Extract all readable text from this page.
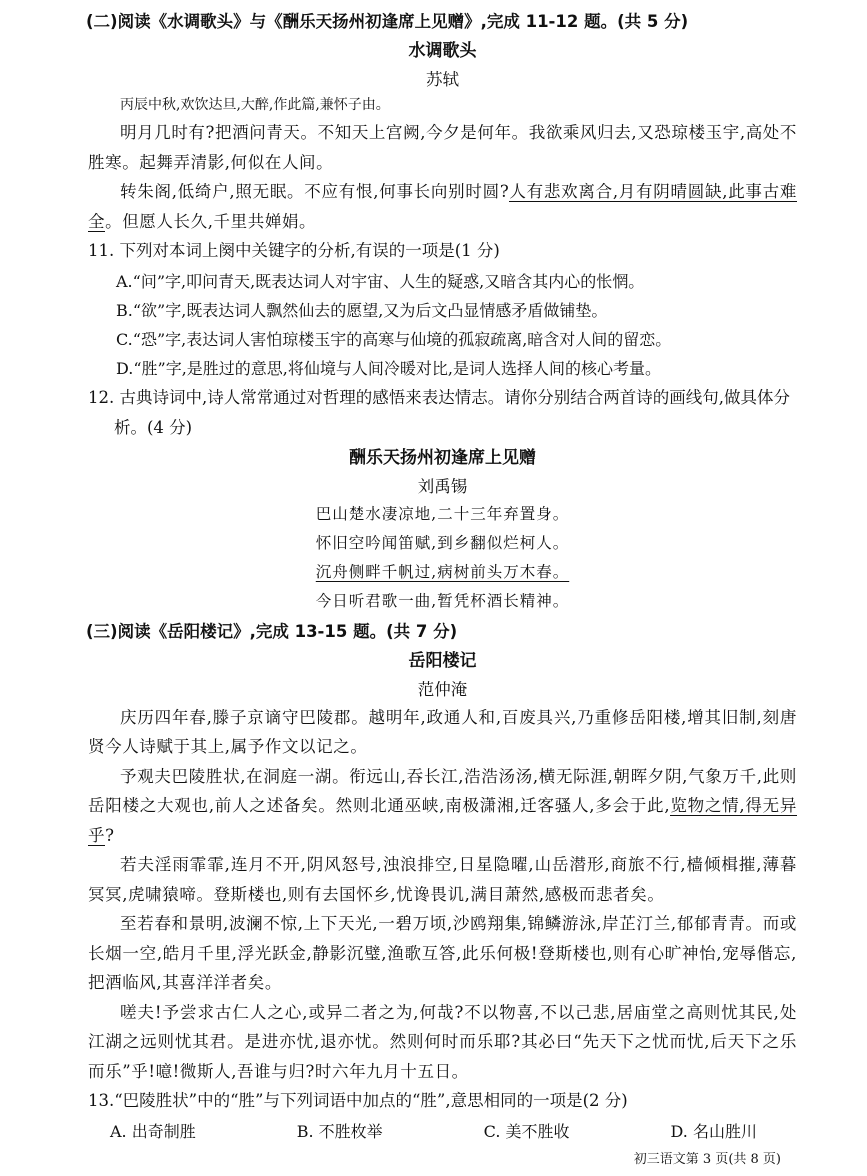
(二)阅读《水调歌头》与《酬乐天扬州初逢席上见赠》,完成 11-12 题。(共 5 分)

水调歌头

苏轼

丙辰中秋,欢饮达旦,大醉,作此篇,兼怀子由。

明月几时有?把酒问青天。不知天上宫阙,今夕是何年。我欲乘风归去,又恐琼楼玉宇,高处不胜寒。起舞弄清影,何似在人间。

转朱阁,低绮户,照无眠。不应有恨,何事长向别时圆?人有悲欢离合,月有阴晴圆缺,此事古难全。但愿人长久,千里共婵娟。

11. 下列对本词上阕中关键字的分析,有误的一项是(1 分)

A.“问”字,叩问青天,既表达词人对宇宙、人生的疑惑,又暗含其内心的怅惘。

B.“欲”字,既表达词人飘然仙去的愿望,又为后文凸显情感矛盾做铺垫。

C.“恐”字,表达词人害怕琼楼玉宇的高寒与仙境的孤寂疏离,暗含对人间的留恋。

D.“胜”字,是胜过的意思,将仙境与人间冷暖对比,是词人选择人间的核心考量。

12. 古典诗词中,诗人常常通过对哲理的感悟来表达情志。请你分别结合两首诗的画线句,做具体分析。(4 分)

酬乐天扬州初逢席上见赠

刘禹锡

巴山楚水凄凉地,二十三年弃置身。

怀旧空吟闻笛赋,到乡翻似烂柯人。

沉舟侧畔千帆过,病树前头万木春。

今日听君歌一曲,暂凭杯酒长精神。

(三)阅读《岳阳楼记》,完成 13-15 题。(共 7 分)

岳阳楼记

范仲淹

庆历四年春,滕子京谪守巴陵郡。越明年,政通人和,百废具兴,乃重修岳阳楼,增其旧制,刻唐贤今人诗赋于其上,属予作文以记之。

予观夫巴陵胜状,在洞庭一湖。衔远山,吞长江,浩浩汤汤,横无际涯,朝晖夕阴,气象万千,此则岳阳楼之大观也,前人之述备矣。然则北通巫峡,南极潇湘,迁客骚人,多会于此,览物之情,得无异乎?

若夫淫雨霏霏,连月不开,阴风怒号,浊浪排空,日星隐曜,山岳潜形,商旅不行,樯倾楫摧,薄暮冥冥,虎啸猿啼。登斯楼也,则有去国怀乡,忧谗畏讥,满目萧然,感极而悲者矣。

至若春和景明,波澜不惊,上下天光,一碧万顷,沙鸥翔集,锦鳞游泳,岸芷汀兰,郁郁青青。而或长烟一空,皓月千里,浮光跃金,静影沉璧,渔歌互答,此乐何极!登斯楼也,则有心旷神怡,宠辱偕忘,把酒临风,其喜洋洋者矣。

嗟夫!予尝求古仁人之心,或异二者之为,何哉?不以物喜,不以己悲,居庙堂之高则忧其民,处江湖之远则忧其君。是进亦忧,退亦忧。然则何时而乐耶?其必曰“先天下之忧而忧,后天下之乐而乐”乎!噫!微斯人,吾谁与归?时六年九月十五日。

13.“巴陵胜状”中的“胜”与下列词语中加点的“胜”,意思相同的一项是(2 分)

A. 出奇制胜	B. 不胜枚举	C. 美不胜收	D. 名山胜川
初三语文第 3 页(共 8 页)
